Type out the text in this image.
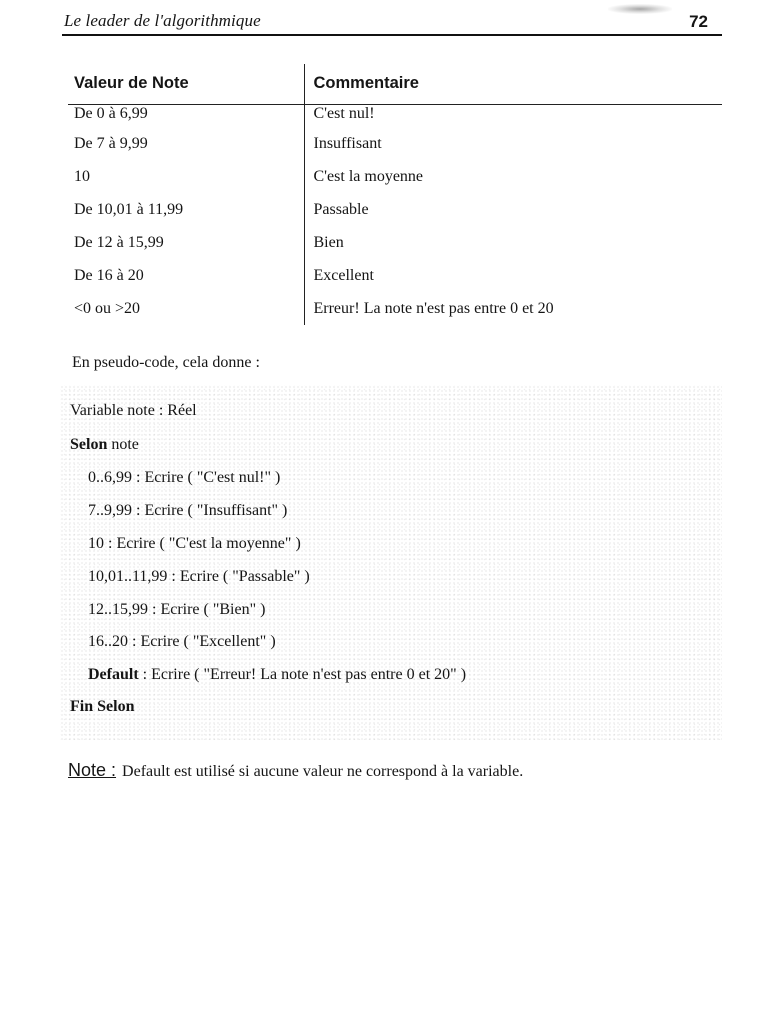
Le leader de l'algorithmique	72
Valeur de Note	Commentaire
De 0 à 6,99	C'est nul!
De 7 à 9,99	Insuffisant
10	C'est la moyenne
De 10,01 à 11,99	Passable
De 12 à 15,99	Bien
De 16 à 20	Excellent
<0 ou >20	Erreur! La note n'est pas entre 0 et 20
En pseudo-code, cela donne :
Variable note : Réel
Selon note
0..6,99 : Ecrire ( "C'est nul!" )
7..9,99 : Ecrire ( "Insuffisant" )
10 : Ecrire ( "C'est la moyenne" )
10,01..11,99 : Ecrire ( "Passable" )
12..15,99 : Ecrire ( "Bien" )
16..20 : Ecrire ( "Excellent" )
Default : Ecrire ( "Erreur! La note n'est pas entre 0 et 20" )
Fin Selon
Note : Default est utilisé si aucune valeur ne correspond à la variable.
